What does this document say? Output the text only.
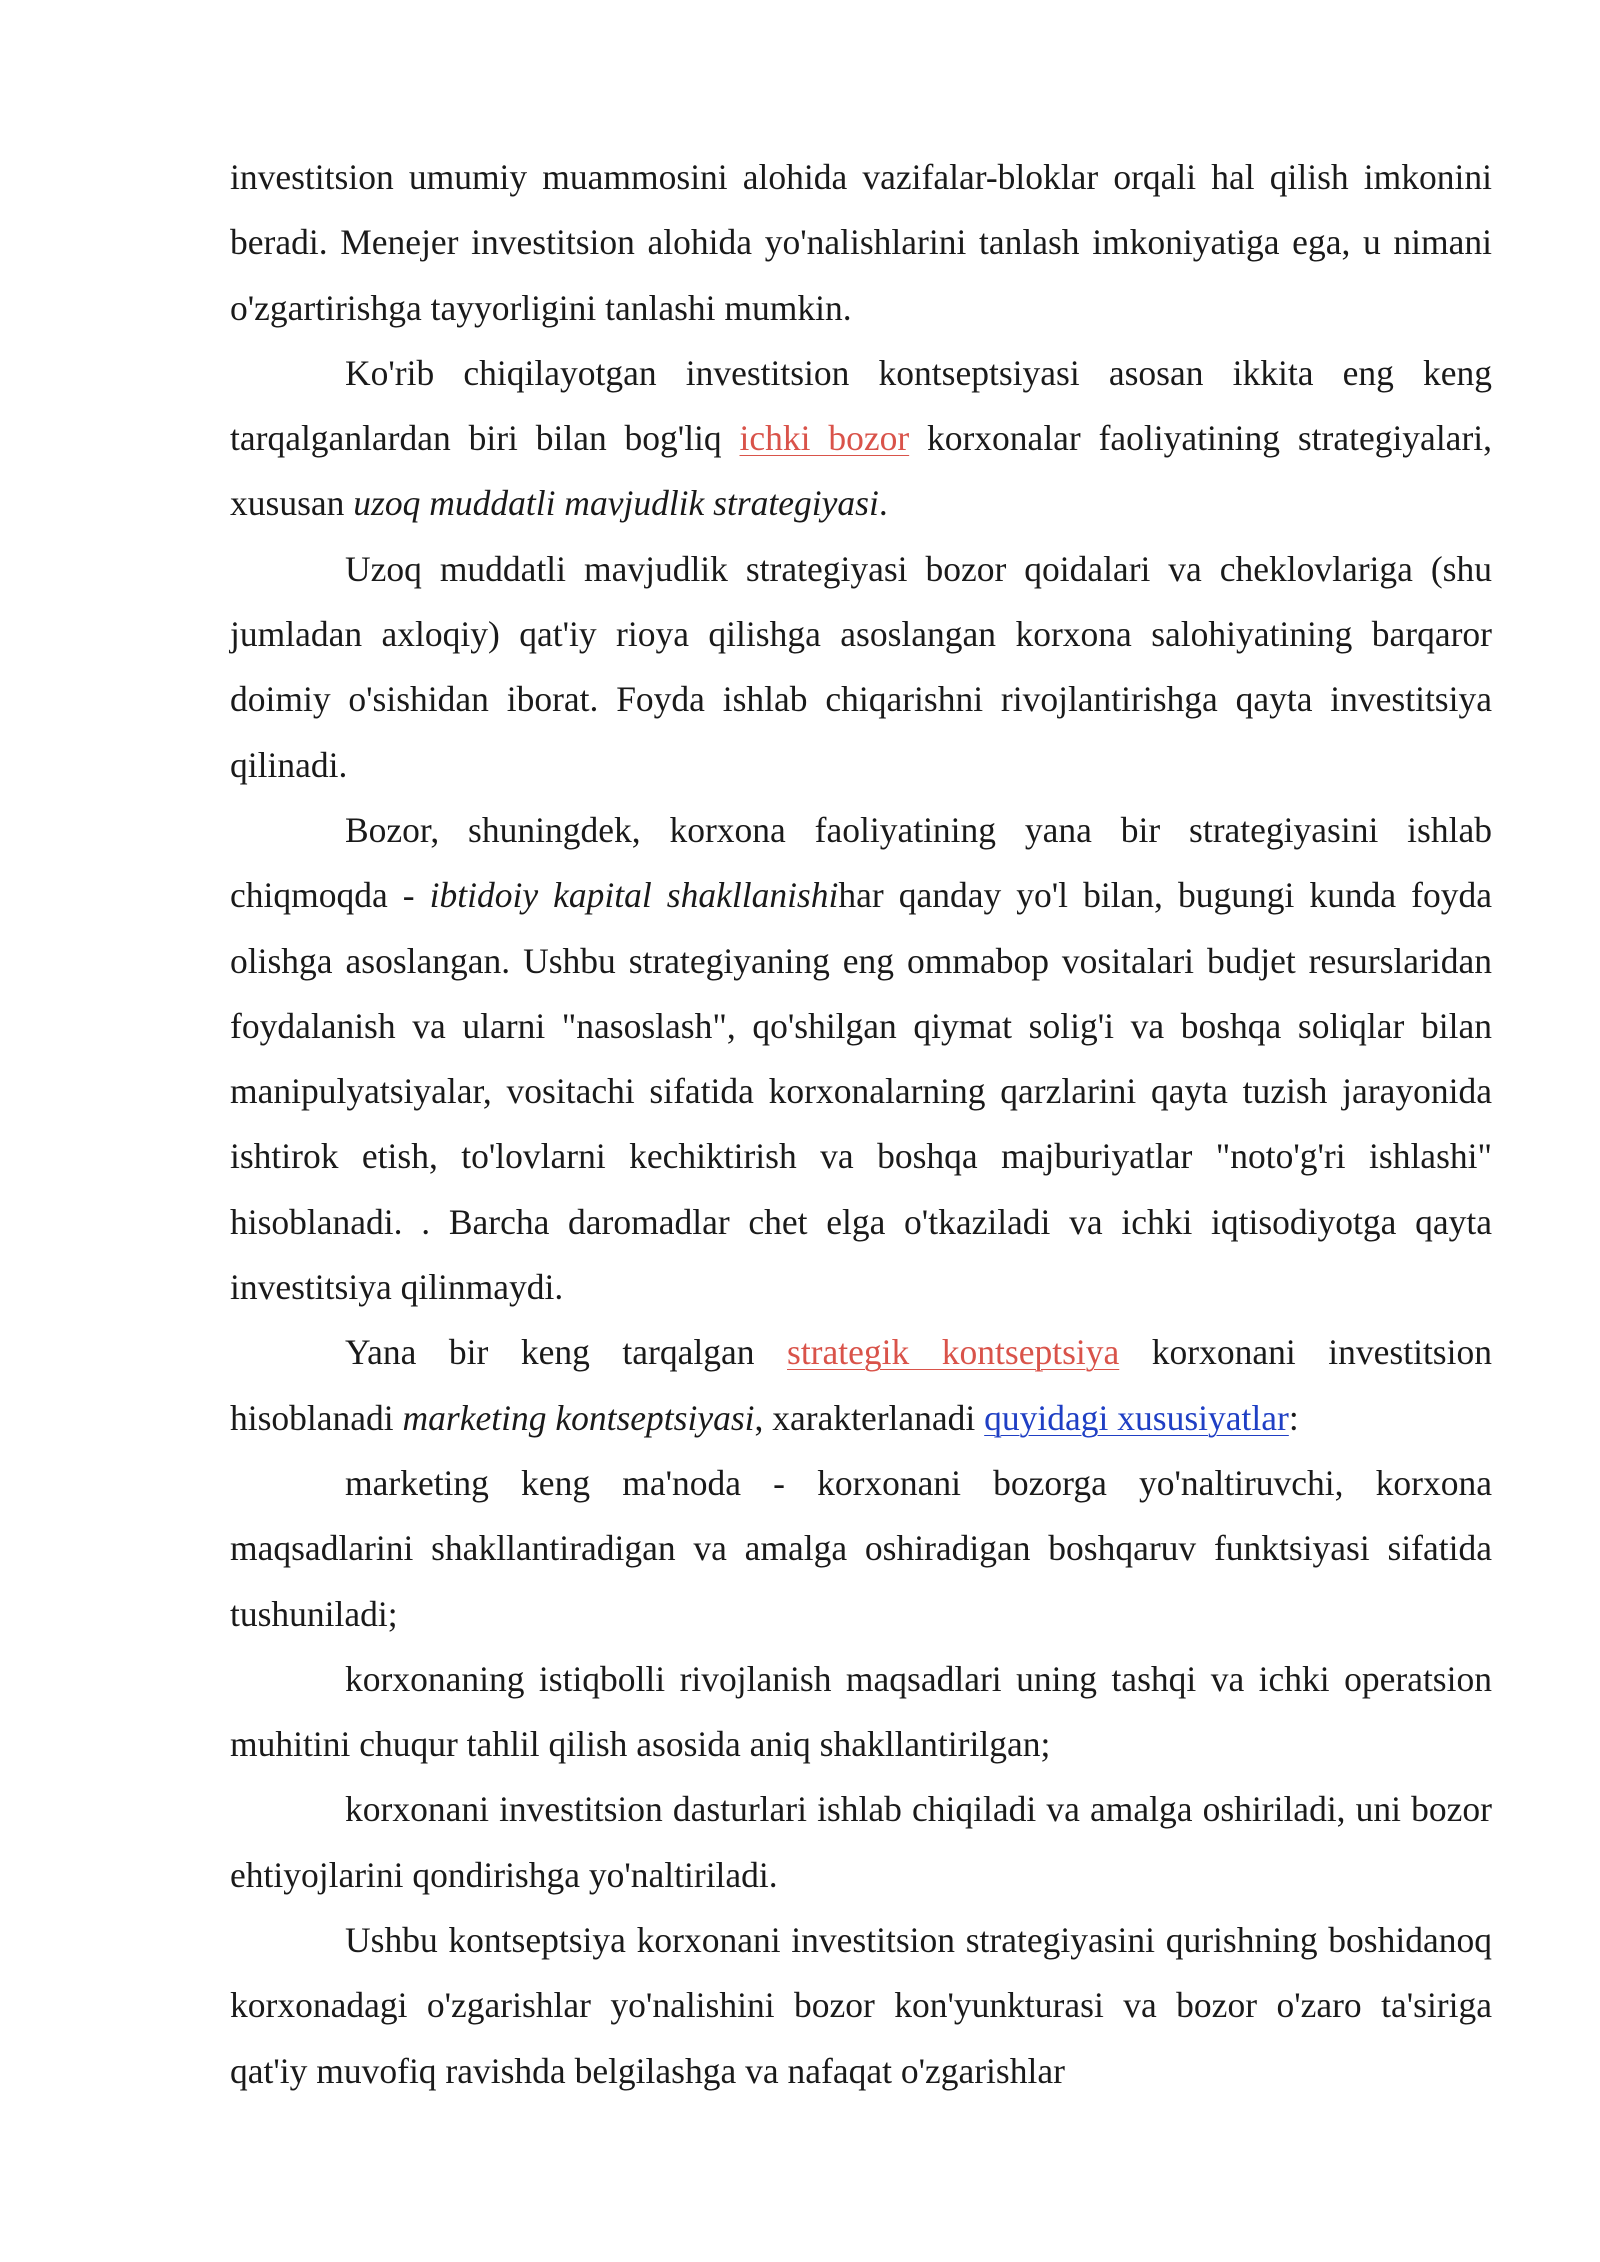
investitsion umumiy muammosini alohida vazifalar-bloklar orqali hal qilish imkonini beradi. Menejer investitsion alohida yo'nalishlarini tanlash imkoniyatiga ega, u nimani o'zgartirishga tayyorligini tanlashi mumkin.

Ko'rib chiqilayotgan investitsion kontseptsiyasi asosan ikkita eng keng tarqalganlardan biri bilan bog'liq ichki bozor korxonalar faoliyatining strategiyalari, xususan uzoq muddatli mavjudlik strategiyasi.

Uzoq muddatli mavjudlik strategiyasi bozor qoidalari va cheklovlariga (shu jumladan axloqiy) qat'iy rioya qilishga asoslangan korxona salohiyatining barqaror doimiy o'sishidan iborat. Foyda ishlab chiqarishni rivojlantirishga qayta investitsiya qilinadi.

Bozor, shuningdek, korxona faoliyatining yana bir strategiyasini ishlab chiqmoqda - ibtidoiy kapital shakllanishihar qanday yo'l bilan, bugungi kunda foyda olishga asoslangan. Ushbu strategiyaning eng ommabop vositalari budjet resurslaridan foydalanish va ularni "nasoslash", qo'shilgan qiymat solig'i va boshqa soliqlar bilan manipulyatsiyalar, vositachi sifatida korxonalarning qarzlarini qayta tuzish jarayonida ishtirok etish, to'lovlarni kechiktirish va boshqa majburiyatlar "noto'g'ri ishlashi" hisoblanadi. . Barcha daromadlar chet elga o'tkaziladi va ichki iqtisodiyotga qayta investitsiya qilinmaydi.

Yana bir keng tarqalgan strategik kontseptsiya korxonani investitsion hisoblanadi marketing kontseptsiyasi, xarakterlanadi quyidagi xususiyatlar:

marketing keng ma'noda - korxonani bozorga yo'naltiruvchi, korxona maqsadlarini shakllantiradigan va amalga oshiradigan boshqaruv funktsiyasi sifatida tushuniladi;

korxonaning istiqbolli rivojlanish maqsadlari uning tashqi va ichki operatsion muhitini chuqur tahlil qilish asosida aniq shakllantirilgan;

korxonani investitsion dasturlari ishlab chiqiladi va amalga oshiriladi, uni bozor ehtiyojlarini qondirishga yo'naltiriladi.

Ushbu kontseptsiya korxonani investitsion strategiyasini qurishning boshidanoq korxonadagi o'zgarishlar yo'nalishini bozor kon'yunkturasi va bozor o'zaro ta'siriga qat'iy muvofiq ravishda belgilashga va nafaqat o'zgarishlar
